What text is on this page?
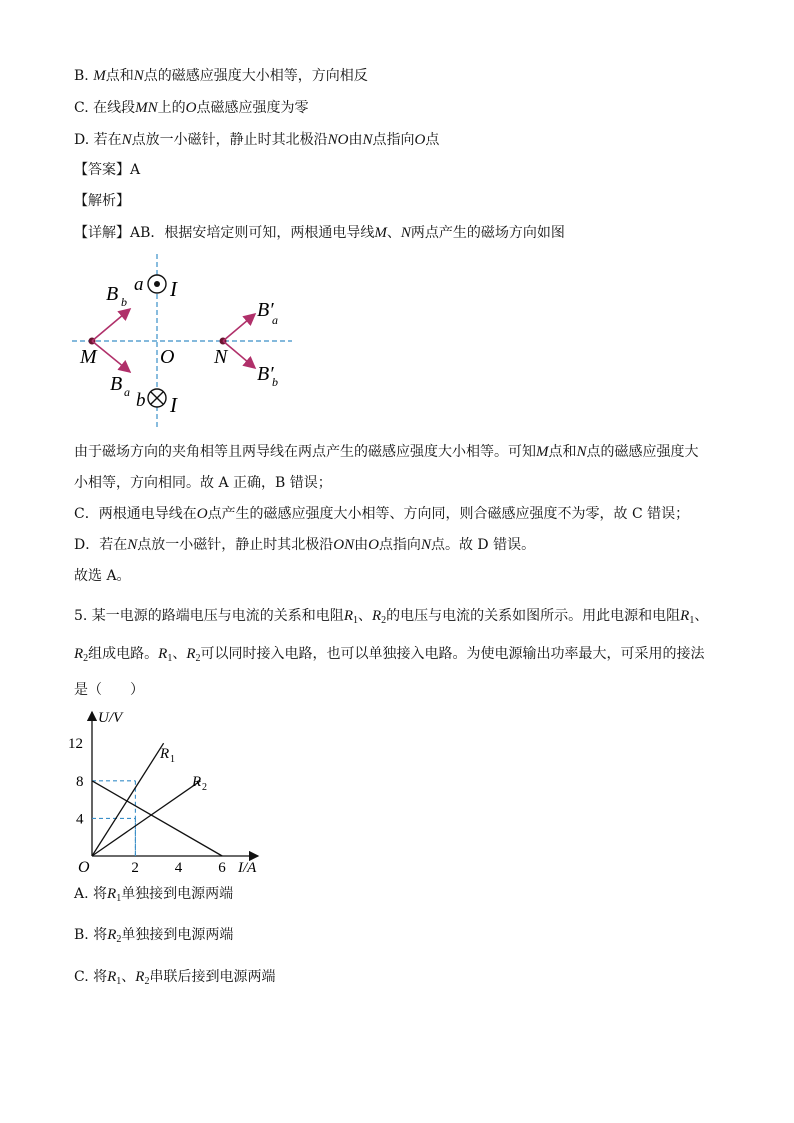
B. M点和N点的磁感应强度大小相等，方向相反
C. 在线段MN上的O点磁感应强度为零
D. 若在N点放一小磁针，静止时其北极沿NO由N点指向O点
【答案】A
【解析】
【详解】AB．根据安培定则可知，两根通电导线M、N两点产生的磁场方向如图
a I
b I
M	O N
B b
B a
B′
a
B′
b
由于磁场方向的夹角相等且两导线在两点产生的磁感应强度大小相等。可知M点和N点的磁感应强度大
小相等，方向相同。故 A 正确，B 错误；
C．两根通电导线在O点产生的磁感应强度大小相等、方向同，则合磁感应强度不为零，故 C 错误；
D．若在N点放一小磁针，静止时其北极沿ON由O点指向N点。故 D 错误。
故选 A。
5. 某一电源的路端电压与电流的关系和电阻$R_1$、$R_2$的电压与电流的关系如图所示。用此电源和电阻$R_1$、
$R_2$组成电路。$R_1$、$R_2$可以同时接入电路，也可以单独接入电路。为使电源输出功率最大，可采用的接法
是（　　）
U/V
I/A
O	2 4 6
4
8
12
R 1
R 2
A. 将$R_1$单独接到电源两端
B. 将$R_2$单独接到电源两端
C. 将$R_1$、$R_2$串联后接到电源两端
